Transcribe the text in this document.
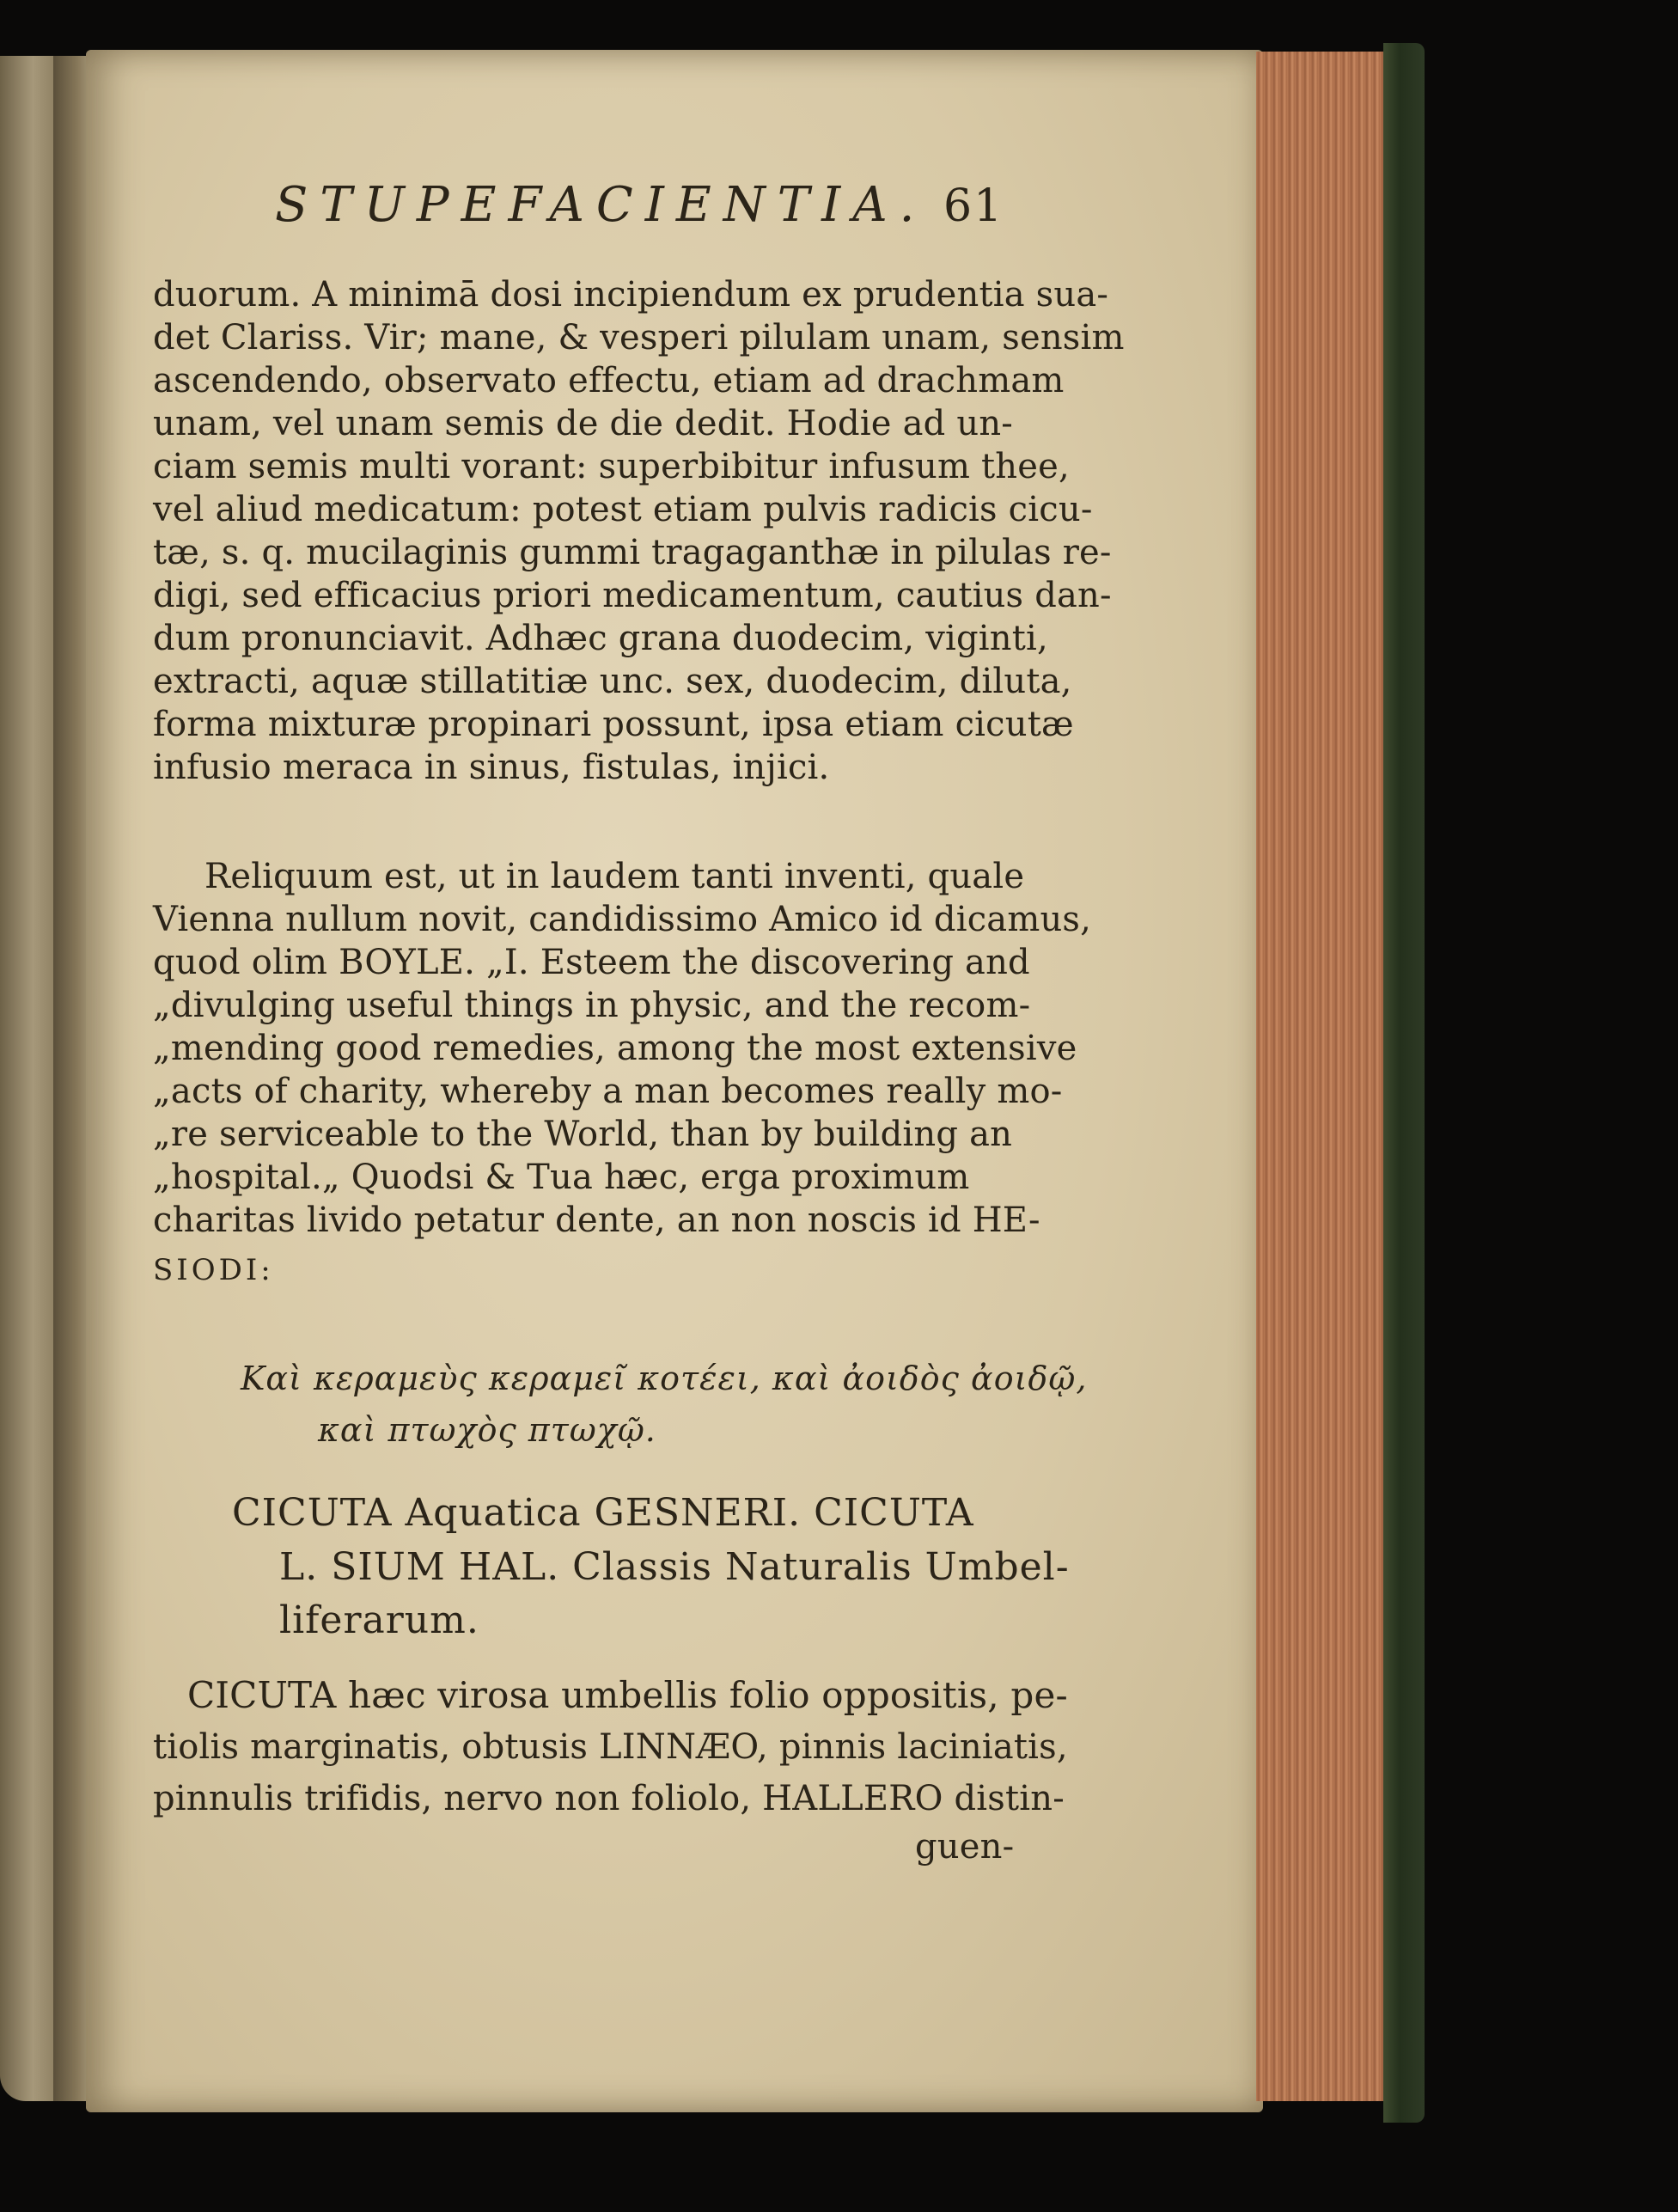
STUPEFACIENTIA. 61
duorum. A minimā dosi incipiendum ex prudentia sua-
det Clariss. Vir; mane, & vesperi pilulam unam, sensim
ascendendo, observato effectu, etiam ad drachmam
unam, vel unam semis de die dedit. Hodie ad un-
ciam semis multi vorant: superbibitur infusum thee,
vel aliud medicatum: potest etiam pulvis radicis cicu-
tæ, s. q. mucilaginis gummi tragaganthæ in pilulas re-
digi, sed efficacius priori medicamentum, cautius dan-
dum pronunciavit. Adhæc grana duodecim, viginti,
extracti, aquæ stillatitiæ unc. sex, duodecim, diluta,
forma mixturæ propinari possunt, ipsa etiam cicutæ
infusio meraca in sinus, fistulas, injici.
Reliquum est, ut in laudem tanti inventi, quale
Vienna nullum novit, candidissimo Amico id dicamus,
quod olim BOYLE. „I. Esteem the discovering and
„divulging useful things in physic, and the recom-
„mending good remedies, among the most extensive
„acts of charity, whereby a man becomes really mo-
„re serviceable to the World, than by building an
„hospital.„ Quodsi & Tua hæc, erga proximum
charitas livido petatur dente, an non noscis id HE-
SIODI:
Καὶ κεραμεὺς κεραμεῖ κοτέει, καὶ ἀοιδὸς ἀοιδῷ,
καὶ πτωχὸς πτωχῷ.
CICUTA Aquatica GESNERI. CICUTA
L. SIUM HAL. Classis Naturalis Umbel-
liferarum.
CICUTA hæc virosa umbellis folio oppositis, pe-
tiolis marginatis, obtusis LINNÆO, pinnis laciniatis,
pinnulis trifidis, nervo non foliolo, HALLERO distin-
guen-
